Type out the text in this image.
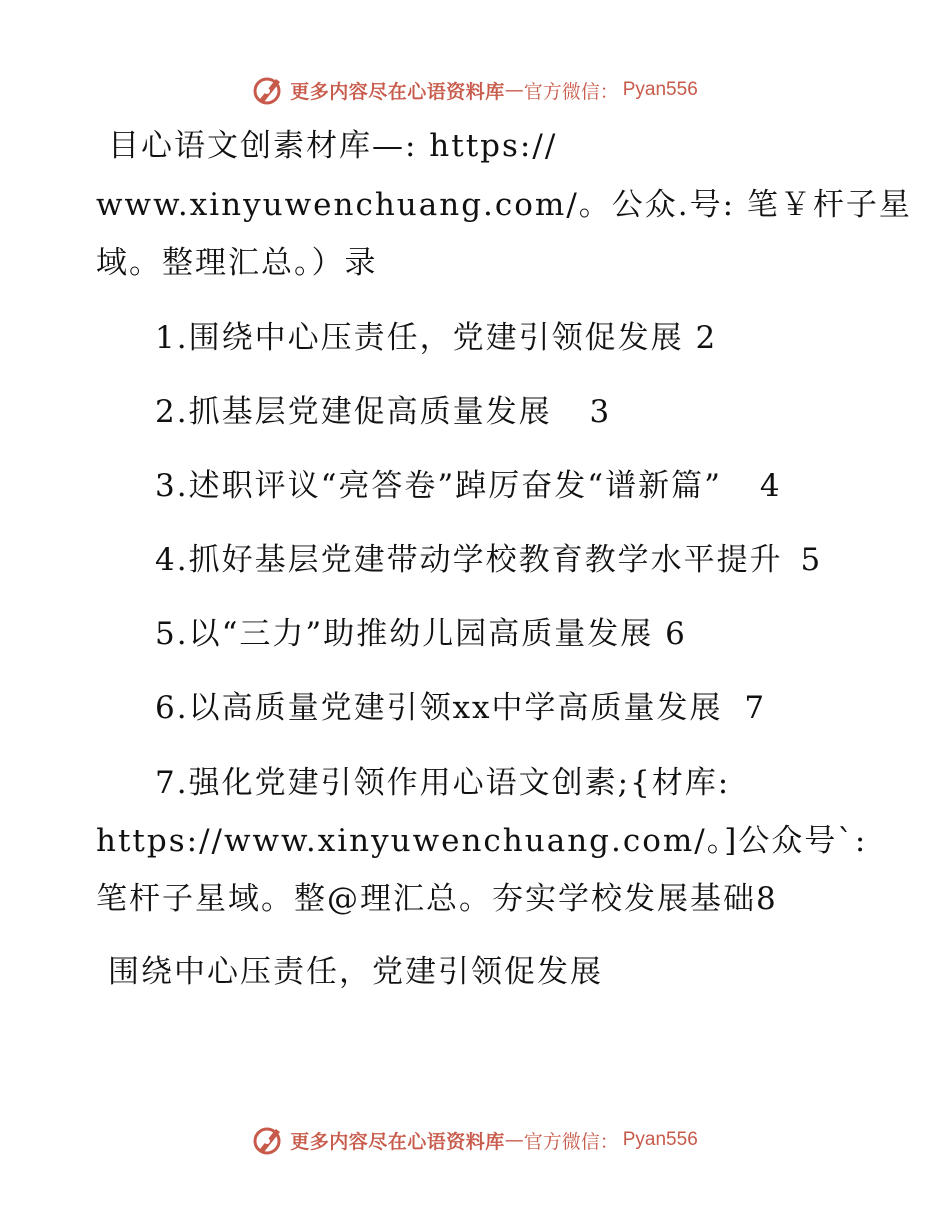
更多内容尽在心语资料库 — 官方微信： Pyan556
目心语文创素材库—: https://
www.xinyuwenchuang.com/。公众.号: 笔￥杆子星
域。整理汇总。）录
1.围绕中心压责任，党建引领促发展 2
2.抓基层党建促高质量发展 3
3.述职评议“亮答卷”踔厉奋发“谱新篇” 4
4.抓好基层党建带动学校教育教学水平提升 5
5.以“三力”助推幼儿园高质量发展 6
6.以高质量党建引领xx中学高质量发展 7
7.强化党建引领作用心语文创素;{材库:
https://www.xinyuwenchuang.com/。]公众号`:
笔杆子星域。整@理汇总。夯实学校发展基础8
围绕中心压责任，党建引领促发展
更多内容尽在心语资料库 — 官方微信： Pyan556
